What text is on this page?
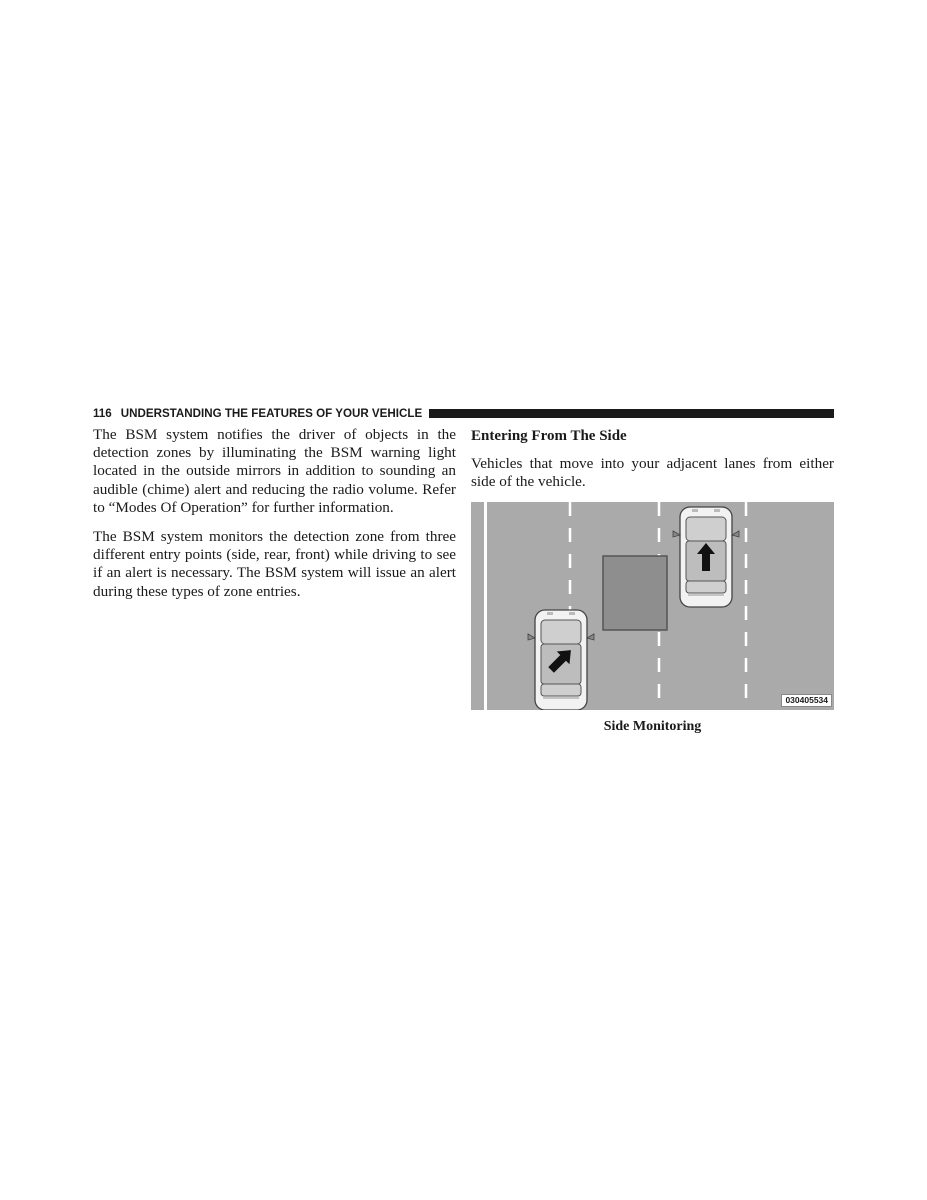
116 UNDERSTANDING THE FEATURES OF YOUR VEHICLE

The BSM system notifies the driver of objects in the detection zones by illuminating the BSM warning light located in the outside mirrors in addition to sounding an audible (chime) alert and reducing the radio volume. Refer to “Modes Of Operation” for further information.

The BSM system monitors the detection zone from three different entry points (side, rear, front) while driving to see if an alert is necessary. The BSM system will issue an alert during these types of zone entries.

Entering From The Side

Vehicles that move into your adjacent lanes from either side of the vehicle.

030405534
Side Monitoring
